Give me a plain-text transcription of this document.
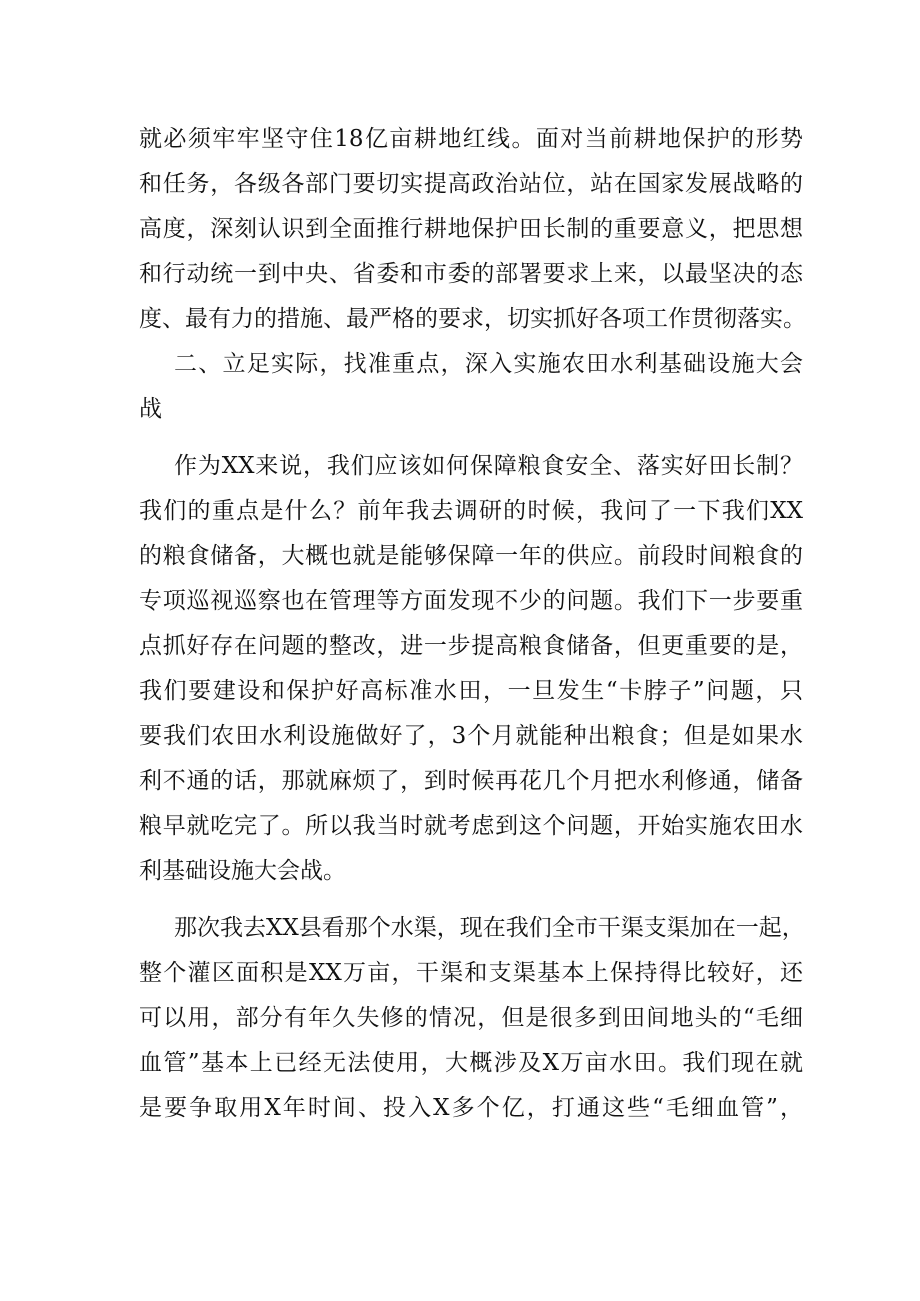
就必须牢牢坚守住18亿亩耕地红线。面对当前耕地保护的形势
和任务，各级各部门要切实提高政治站位，站在国家发展战略的
高度，深刻认识到全面推行耕地保护田长制的重要意义，把思想
和行动统一到中央、省委和市委的部署要求上来，以最坚决的态
度、最有力的措施、最严格的要求，切实抓好各项工作贯彻落实。
二、立足实际，找准重点，深入实施农田水利基础设施大会
战
作为XX来说，我们应该如何保障粮食安全、落实好田长制？
我们的重点是什么？前年我去调研的时候，我问了一下我们XX
的粮食储备，大概也就是能够保障一年的供应。前段时间粮食的
专项巡视巡察也在管理等方面发现不少的问题。我们下一步要重
点抓好存在问题的整改，进一步提高粮食储备，但更重要的是，
我们要建设和保护好高标准水田，一旦发生“卡脖子”问题，只
要我们农田水利设施做好了，3个月就能种出粮食；但是如果水
利不通的话，那就麻烦了，到时候再花几个月把水利修通，储备
粮早就吃完了。所以我当时就考虑到这个问题，开始实施农田水
利基础设施大会战。
那次我去XX县看那个水渠，现在我们全市干渠支渠加在一起，
整个灌区面积是XX万亩，干渠和支渠基本上保持得比较好，还
可以用，部分有年久失修的情况，但是很多到田间地头的“毛细
血管”基本上已经无法使用，大概涉及X万亩水田。我们现在就
是要争取用X年时间、投入X多个亿，打通这些“毛细血管”，
